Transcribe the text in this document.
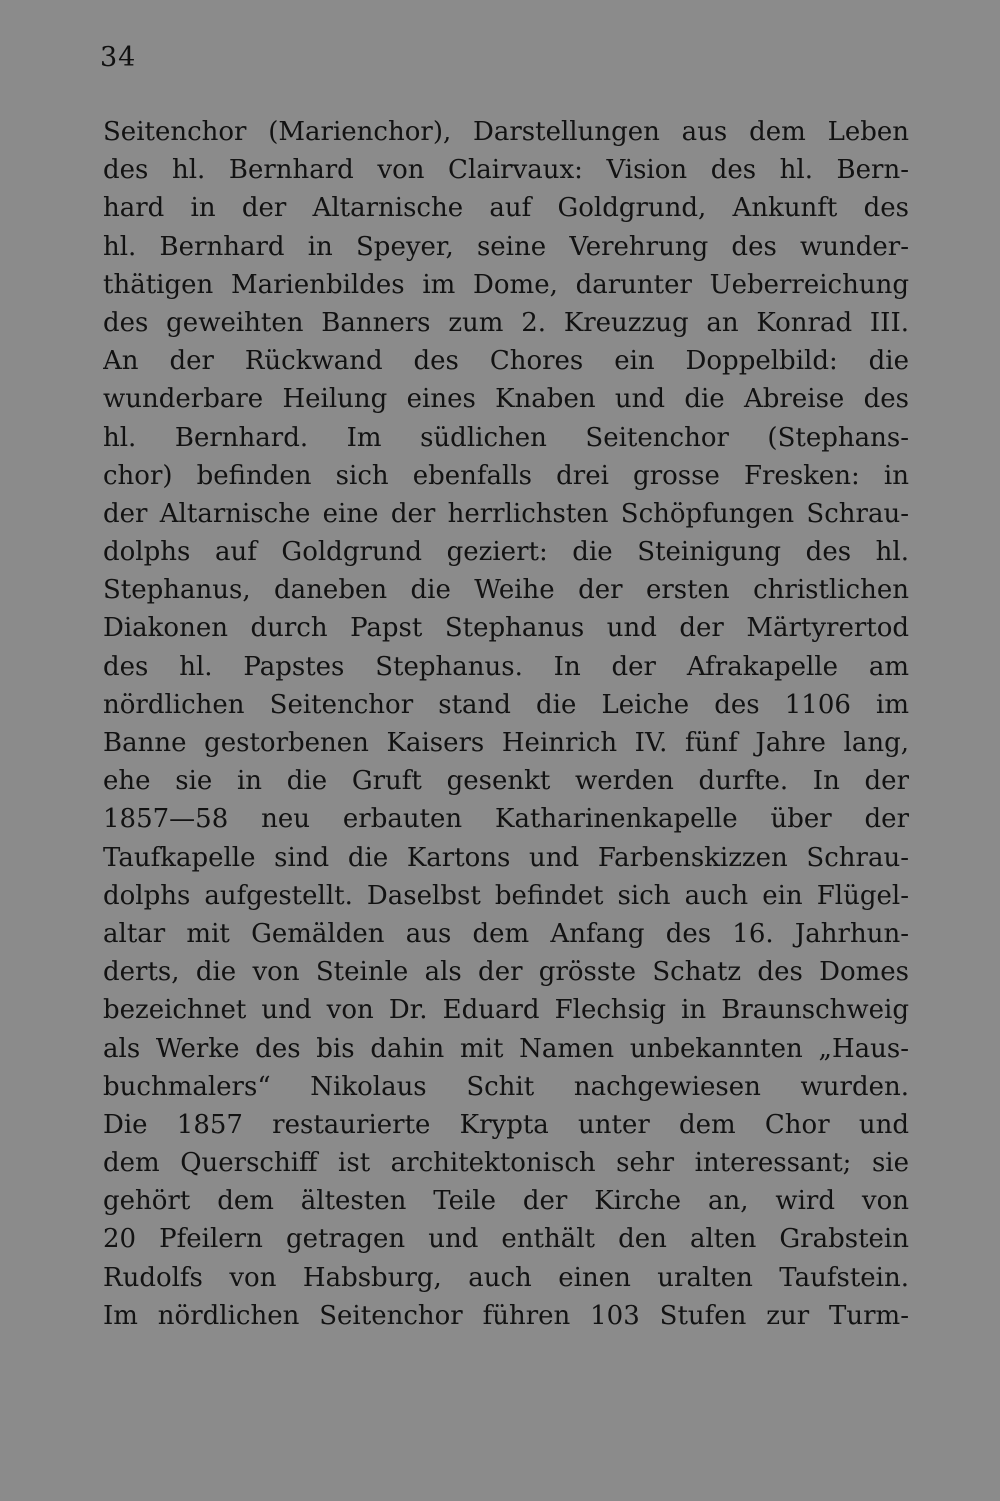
34
Seitenchor (Marienchor), Darstellungen aus dem Leben
des hl. Bernhard von Clairvaux: Vision des hl. Bern-
hard in der Altarnische auf Goldgrund, Ankunft des
hl. Bernhard in Speyer, seine Verehrung des wunder-
thätigen Marienbildes im Dome, darunter Ueberreichung
des geweihten Banners zum 2. Kreuzzug an Konrad III.
An der Rückwand des Chores ein Doppelbild: die
wunderbare Heilung eines Knaben und die Abreise des
hl. Bernhard. Im südlichen Seitenchor (Stephans-
chor) befinden sich ebenfalls drei grosse Fresken: in
der Altarnische eine der herrlichsten Schöpfungen Schrau-
dolphs auf Goldgrund geziert: die Steinigung des hl.
Stephanus, daneben die Weihe der ersten christlichen
Diakonen durch Papst Stephanus und der Märtyrertod
des hl. Papstes Stephanus. In der Afrakapelle am
nördlichen Seitenchor stand die Leiche des 1106 im
Banne gestorbenen Kaisers Heinrich IV. fünf Jahre lang,
ehe sie in die Gruft gesenkt werden durfte. In der
1857—58 neu erbauten Katharinenkapelle über der
Taufkapelle sind die Kartons und Farbenskizzen Schrau-
dolphs aufgestellt. Daselbst befindet sich auch ein Flügel-
altar mit Gemälden aus dem Anfang des 16. Jahrhun-
derts, die von Steinle als der grösste Schatz des Domes
bezeichnet und von Dr. Eduard Flechsig in Braunschweig
als Werke des bis dahin mit Namen unbekannten „Haus-
buchmalers“ Nikolaus Schit nachgewiesen wurden.
Die 1857 restaurierte Krypta unter dem Chor und
dem Querschiff ist architektonisch sehr interessant; sie
gehört dem ältesten Teile der Kirche an, wird von
20 Pfeilern getragen und enthält den alten Grabstein
Rudolfs von Habsburg, auch einen uralten Taufstein.
Im nördlichen Seitenchor führen 103 Stufen zur Turm-
